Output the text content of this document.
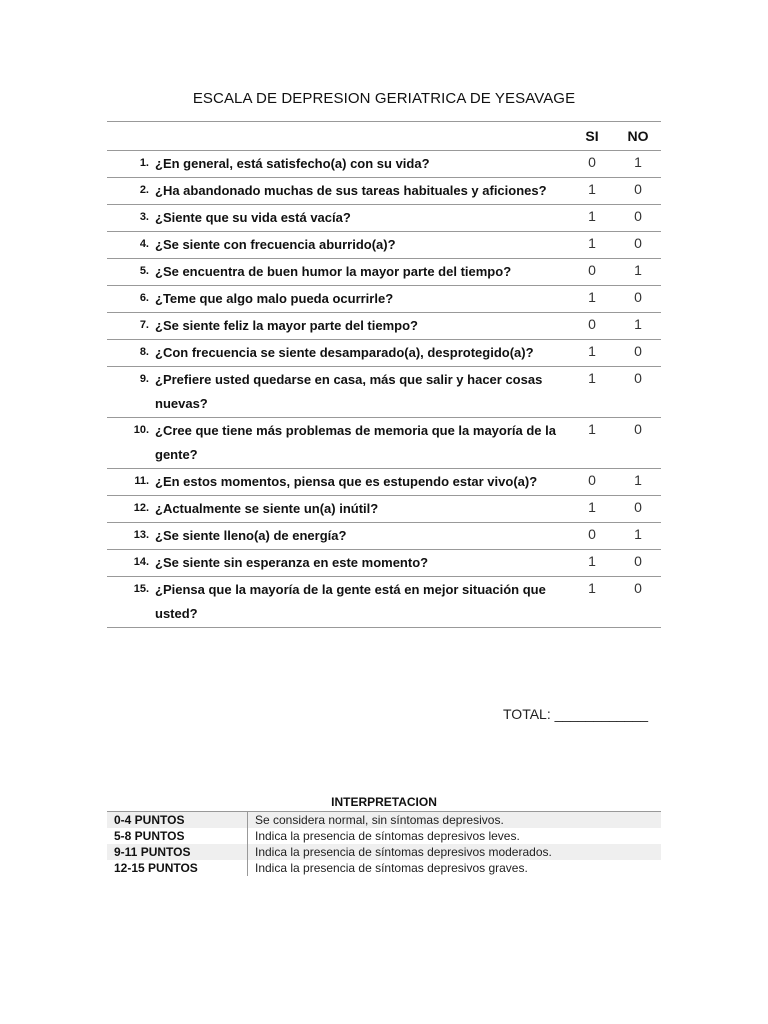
ESCALA DE DEPRESION GERIATRICA DE YESAVAGE
		SI	NO
1.	¿En general, está satisfecho(a) con su vida?	0	1
2.	¿Ha abandonado muchas de sus tareas habituales y aficiones?	1	0
3.	¿Siente que su vida está vacía?	1	0
4.	¿Se siente con frecuencia aburrido(a)?	1	0
5.	¿Se encuentra de buen humor la mayor parte del tiempo?	0	1
6.	¿Teme que algo malo pueda ocurrirle?	1	0
7.	¿Se siente feliz la mayor parte del tiempo?	0	1
8.	¿Con frecuencia se siente desamparado(a), desprotegido(a)?	1	0
9.	¿Prefiere usted quedarse en casa, más que salir y hacer cosas nuevas?	1	0
10.	¿Cree que tiene más problemas de memoria que la mayoría de la gente?	1	0
11.	¿En estos momentos, piensa que es estupendo estar vivo(a)?	0	1
12.	¿Actualmente se siente un(a) inútil?	1	0
13.	¿Se siente lleno(a) de energía?	0	1
14.	¿Se siente sin esperanza en este momento?	1	0
15.	¿Piensa que la mayoría de la gente está en mejor situación que usted?	1	0
TOTAL: ____________
INTERPRETACION
0-4 PUNTOS	Se considera normal, sin síntomas depresivos.
5-8 PUNTOS	Indica la presencia de síntomas depresivos leves.
9-11 PUNTOS	Indica la presencia de síntomas depresivos moderados.
12-15 PUNTOS	Indica la presencia de síntomas depresivos graves.
